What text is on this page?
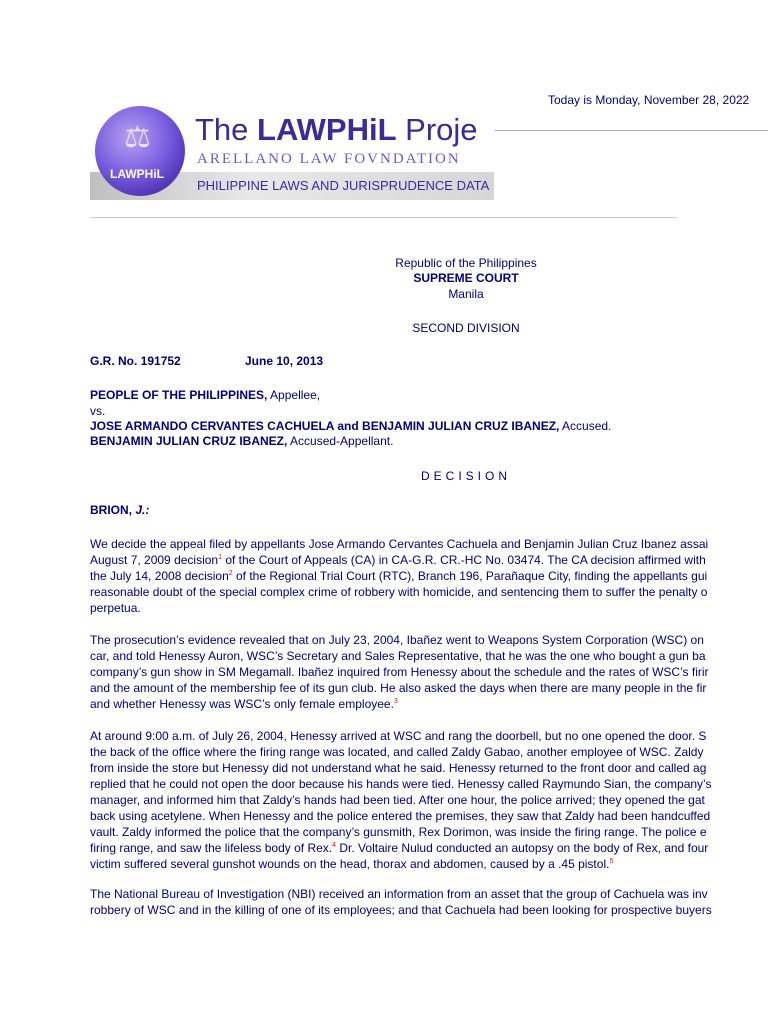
Today is Monday, November 28, 2022
⚖
LAWPHiL
The LAWPHiL Proje
ARELLANO LAW FOVNDATION
PHILIPPINE LAWS AND JURISPRUDENCE DATA
Republic of the Philippines
SUPREME COURT
Manila
SECOND DIVISION
G.R. No. 191752	June 10, 2013
PEOPLE OF THE PHILIPPINES, Appellee,
vs.
JOSE ARMANDO CERVANTES CACHUELA and BENJAMIN JULIAN CRUZ IBANEZ, Accused.
BENJAMIN JULIAN CRUZ IBANEZ, Accused-Appellant.
DECISION
BRION, J.:
We decide the appeal filed by appellants Jose Armando Cervantes Cachuela and Benjamin Julian Cruz Ibanez assai
August 7, 2009 decision$^1$ of the Court of Appeals (CA) in CA-G.R. CR.-HC No. 03474. The CA decision affirmed with
the July 14, 2008 decision$^2$ of the Regional Trial Court (RTC), Branch 196, Parañaque City, finding the appellants gui
reasonable doubt of the special complex crime of robbery with homicide, and sentencing them to suffer the penalty o
perpetua.
The prosecution’s evidence revealed that on July 23, 2004, Ibañez went to Weapons System Corporation (WSC) on
car, and told Henessy Auron, WSC’s Secretary and Sales Representative, that he was the one who bought a gun ba
company’s gun show in SM Megamall. Ibañez inquired from Henessy about the schedule and the rates of WSC’s firir
and the amount of the membership fee of its gun club. He also asked the days when there are many people in the fir
and whether Henessy was WSC’s only female employee.$^3$
At around 9:00 a.m. of July 26, 2004, Henessy arrived at WSC and rang the doorbell, but no one opened the door. S
the back of the office where the firing range was located, and called Zaldy Gabao, another employee of WSC. Zaldy
from inside the store but Henessy did not understand what he said. Henessy returned to the front door and called ag
replied that he could not open the door because his hands were tied. Henessy called Raymundo Sian, the company’s
manager, and informed him that Zaldy’s hands had been tied. After one hour, the police arrived; they opened the gat
back using acetylene. When Henessy and the police entered the premises, they saw that Zaldy had been handcuffed
vault. Zaldy informed the police that the company’s gunsmith, Rex Dorimon, was inside the firing range. The police e
firing range, and saw the lifeless body of Rex.$^4$ Dr. Voltaire Nulud conducted an autopsy on the body of Rex, and four
victim suffered several gunshot wounds on the head, thorax and abdomen, caused by a .45 pistol.$^5$
The National Bureau of Investigation (NBI) received an information from an asset that the group of Cachuela was inv
robbery of WSC and in the killing of one of its employees; and that Cachuela had been looking for prospective buyers
